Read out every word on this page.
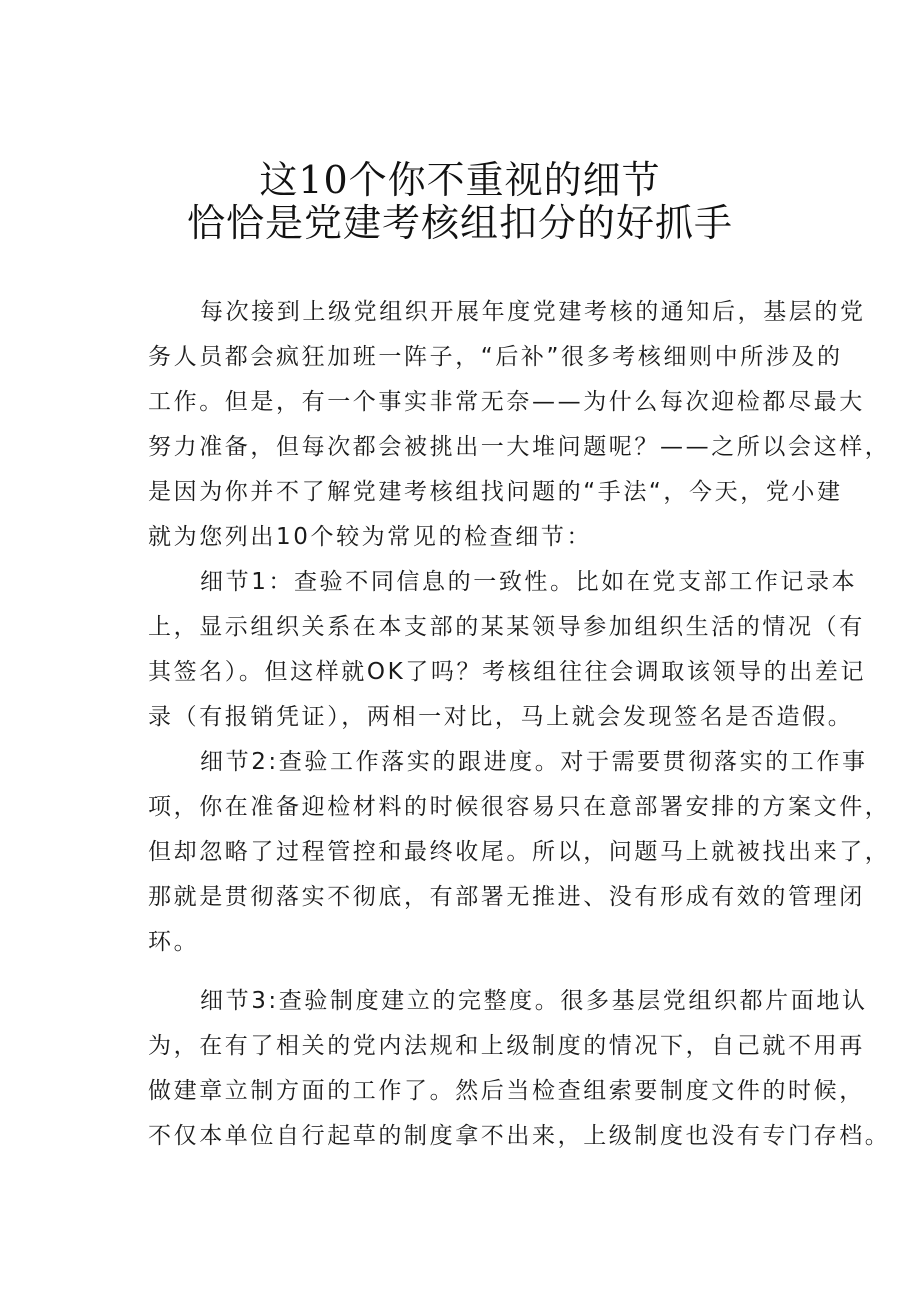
这10个你不重视的细节
恰恰是党建考核组扣分的好抓手
每次接到上级党组织开展年度党建考核的通知后，基层的党
务人员都会疯狂加班一阵子，“后补”很多考核细则中所涉及的
工作。但是，有一个事实非常无奈——为什么每次迎检都尽最大
努力准备，但每次都会被挑出一大堆问题呢？——之所以会这样，
是因为你并不了解党建考核组找问题的“手法“，今天，党小建
就为您列出10个较为常见的检查细节：
细节1：查验不同信息的一致性。比如在党支部工作记录本
上，显示组织关系在本支部的某某领导参加组织生活的情况（有
其签名）。但这样就OK了吗？考核组往往会调取该领导的出差记
录（有报销凭证），两相一对比，马上就会发现签名是否造假。
细节2:查验工作落实的跟进度。对于需要贯彻落实的工作事
项，你在准备迎检材料的时候很容易只在意部署安排的方案文件，
但却忽略了过程管控和最终收尾。所以，问题马上就被找出来了，
那就是贯彻落实不彻底，有部署无推进、没有形成有效的管理闭
环。
细节3:查验制度建立的完整度。很多基层党组织都片面地认
为，在有了相关的党内法规和上级制度的情况下，自己就不用再
做建章立制方面的工作了。然后当检查组索要制度文件的时候，
不仅本单位自行起草的制度拿不出来，上级制度也没有专门存档。
